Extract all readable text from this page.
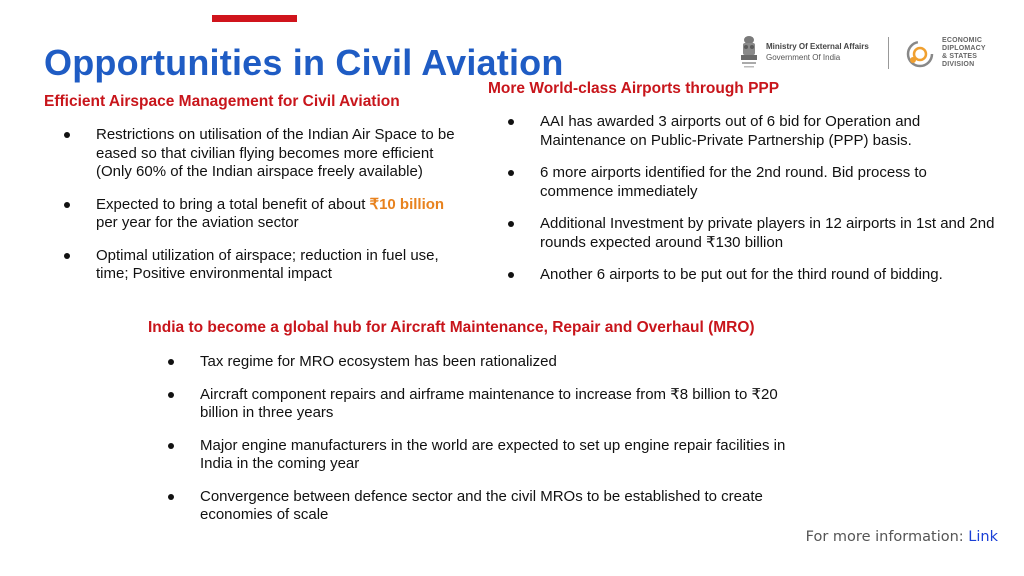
Opportunities in Civil Aviation	Ministry Of External Affairs
Government Of India
ECONOMIC
DIPLOMACY
& STATES
DIVISION
Efficient Airspace Management for Civil Aviation
Restrictions on utilisation of the Indian Air Space to be eased so that civilian flying becomes more efficient (Only 60% of the Indian airspace freely available)
Expected to bring a total benefit of about ₹10 billion per year for the aviation sector
Optimal utilization of airspace; reduction in fuel use, time; Positive environmental impact
More World-class Airports through PPP
AAI has awarded 3 airports out of 6 bid for Operation and Maintenance on Public-Private Partnership (PPP) basis.
6 more airports identified for the 2nd round. Bid process to commence immediately
Additional Investment by private players in 12 airports in 1st and 2nd rounds expected around ₹130 billion
Another 6 airports to be put out for the third round of bidding.
India to become a global hub for Aircraft Maintenance, Repair and Overhaul (MRO)
Tax regime for MRO ecosystem has been rationalized
Aircraft component repairs and airframe maintenance to increase from ₹8 billion to ₹20 billion in three years
Major engine manufacturers in the world are expected to set up engine repair facilities in India in the coming year
Convergence between defence sector and the civil MROs to be established to create economies of scale
For more information: Link
